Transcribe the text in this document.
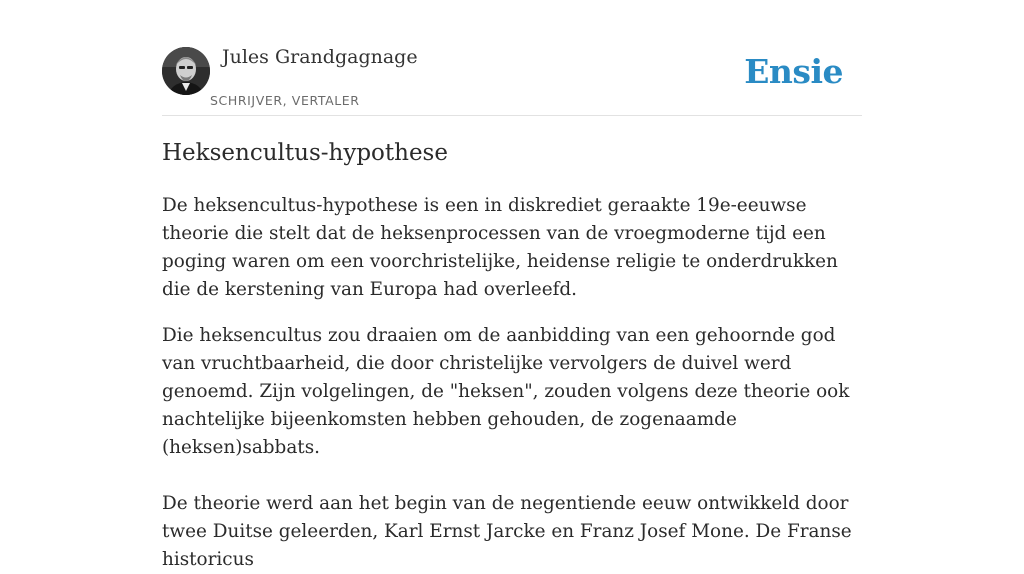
Jules Grandgagnage
SCHRIJVER, VERTALER
Ensie
Heksencultus-hypothese

De heksencultus-hypothese is een in diskrediet geraakte 19e-eeuwse theorie die stelt dat de heksenprocessen van de vroegmoderne tijd een poging waren om een voorchristelijke, heidense religie te onderdrukken die de kerstening van Europa had overleefd.

Die heksencultus zou draaien om de aanbidding van een gehoornde god van vruchtbaarheid, die door christelijke vervolgers de duivel werd genoemd. Zijn volgelingen, de "heksen", zouden volgens deze theorie ook nachtelijke bijeenkomsten hebben gehouden, de zogenaamde (heksen)sabbats.

De theorie werd aan het begin van de negentiende eeuw ontwikkeld door twee Duitse geleerden, Karl Ernst Jarcke en Franz Josef Mone. De Franse historicus
